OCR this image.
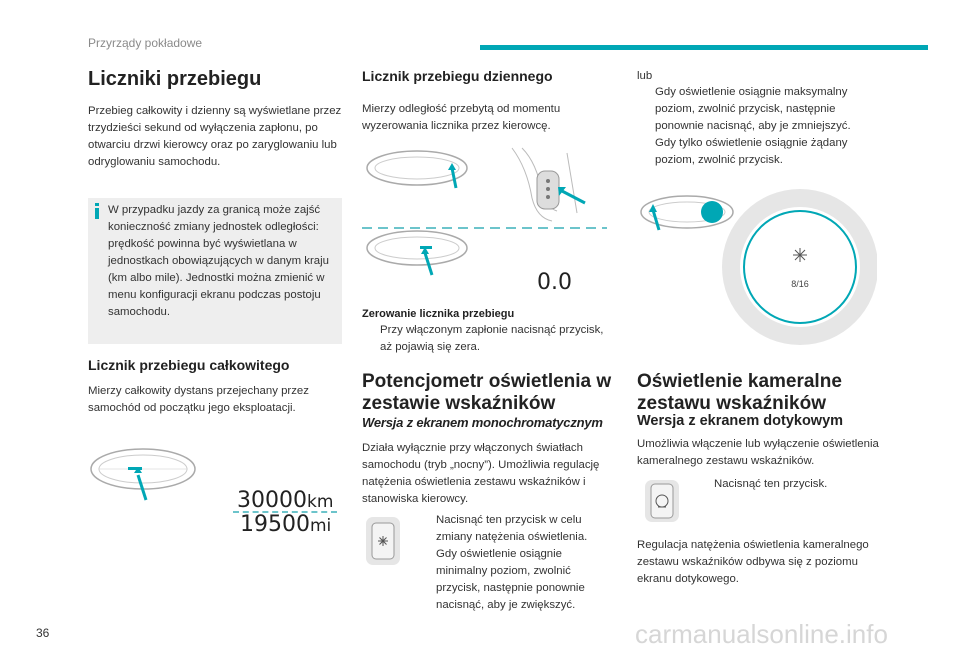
Przyrządy pokładowe
Liczniki przebiegu
Przebieg całkowity i dzienny są wyświetlane przez trzydzieści sekund od wyłączenia zapłonu, po otwarciu drzwi kierowcy oraz po zaryglowaniu lub odryglowaniu samochodu.
W przypadku jazdy za granicą może zajść konieczność zmiany jednostek odległości: prędkość powinna być wyświetlana w jednostkach obowiązujących w danym kraju (km albo mile). Jednostki można zmienić w menu konfiguracji ekranu podczas postoju samochodu.
Licznik przebiegu całkowitego
Mierzy całkowity dystans przejechany przez samochód od początku jego eksploatacji.
30000km
19500mi
Licznik przebiegu dziennego
Mierzy odległość przebytą od momentu wyzerowania licznika przez kierowcę.
0.0
Zerowanie licznika przebiegu
Przy włączonym zapłonie nacisnąć przycisk, aż pojawią się zera.
Potencjometr oświetlenia w zestawie wskaźników
Wersja z ekranem monochromatycznym
Działa wyłącznie przy włączonych światłach samochodu (tryb „nocny”). Umożliwia regulację natężenia oświetlenia zestawu wskaźników i stanowiska kierowcy.
Nacisnąć ten przycisk w celu zmiany natężenia oświetlenia.
Gdy oświetlenie osiągnie minimalny poziom, zwolnić przycisk, następnie ponownie nacisnąć, aby je zwiększyć.
lub
Gdy oświetlenie osiągnie maksymalny poziom, zwolnić przycisk, następnie ponownie nacisnąć, aby je zmniejszyć.
Gdy tylko oświetlenie osiągnie żądany poziom, zwolnić przycisk.
8/16
Oświetlenie kameralne zestawu wskaźników
Wersja z ekranem dotykowym
Umożliwia włączenie lub wyłączenie oświetlenia kameralnego zestawu wskaźników.
Nacisnąć ten przycisk.
Regulacja natężenia oświetlenia kameralnego zestawu wskaźników odbywa się z poziomu ekranu dotykowego.
36	carmanualsonline.info
